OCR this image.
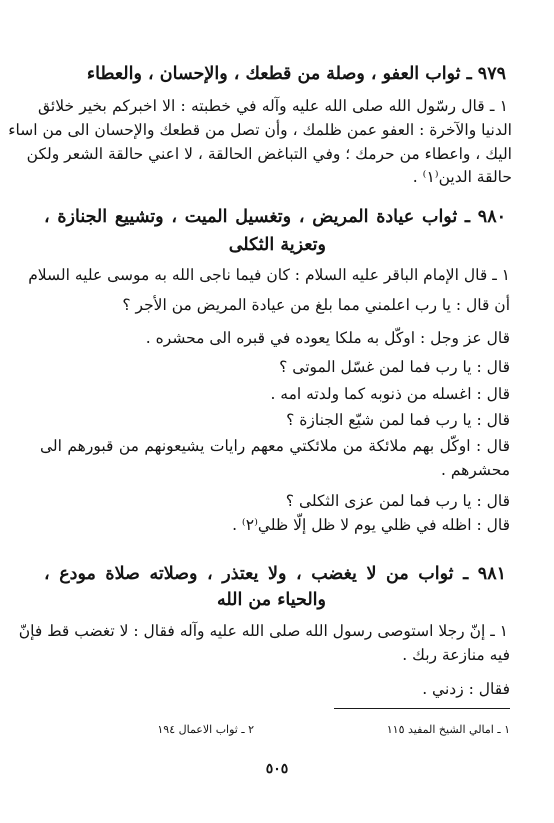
٩٧٩ ـ ثواب العفو ، وصلة من قطعك ، والإحسان ، والعطاء
١ ـ قال رسّول الله صلى الله عليه وآله في خطبته : الا اخبركم بخير خلائق
الدنيا والآخرة : العفو عمن ظلمك ، وأن تصل من قطعك والإحسان الى من اساء
اليك ، واعطاء من حرمك ؛ وفي التباغض الحالقة ، لا اعني حالقة الشعر ولكن
حالقة الدين⁽١⁾ .
٩٨٠ ـ ثواب عيادة المريض ، وتغسيل الميت ، وتشييع الجنازة ،
وتعزية الثكلى
١ ـ قال الإمام الباقر عليه السلام : كان فيما ناجى الله به موسى عليه السلام
أن قال : يا رب اعلمني مما بلغ من عيادة المريض من الأجر ؟
قال عز وجل : اوكّل به ملكا يعوده في قبره الى محشره .
قال : يا رب فما لمن غسّل الموتى ؟
قال : اغسله من ذنوبه كما ولدته امه .
قال : يا رب فما لمن شيّع الجنازة ؟
قال : اوكّل بهم ملائكة من ملائكتي معهم رايات يشيعونهم من قبورهم الى
محشرهم .
قال : يا رب فما لمن عزى الثكلى ؟
قال : اظله في ظلي يوم لا ظل إلّا ظلي⁽٢⁾ .
٩٨١ ـ ثواب من لا يغضب ، ولا يعتذر ، وصلاته صلاة مودع ،
والحياء من الله
١ ـ إنّ رجلا استوصى رسول الله صلى الله عليه وآله فقال : لا تغضب قط فإنّ
فيه منازعة ربك .
فقال : زدني .
١ ـ امالي الشيخ المفيد ١١٥
٢ ـ ثواب الاعمال ١٩٤
٥٠٥
